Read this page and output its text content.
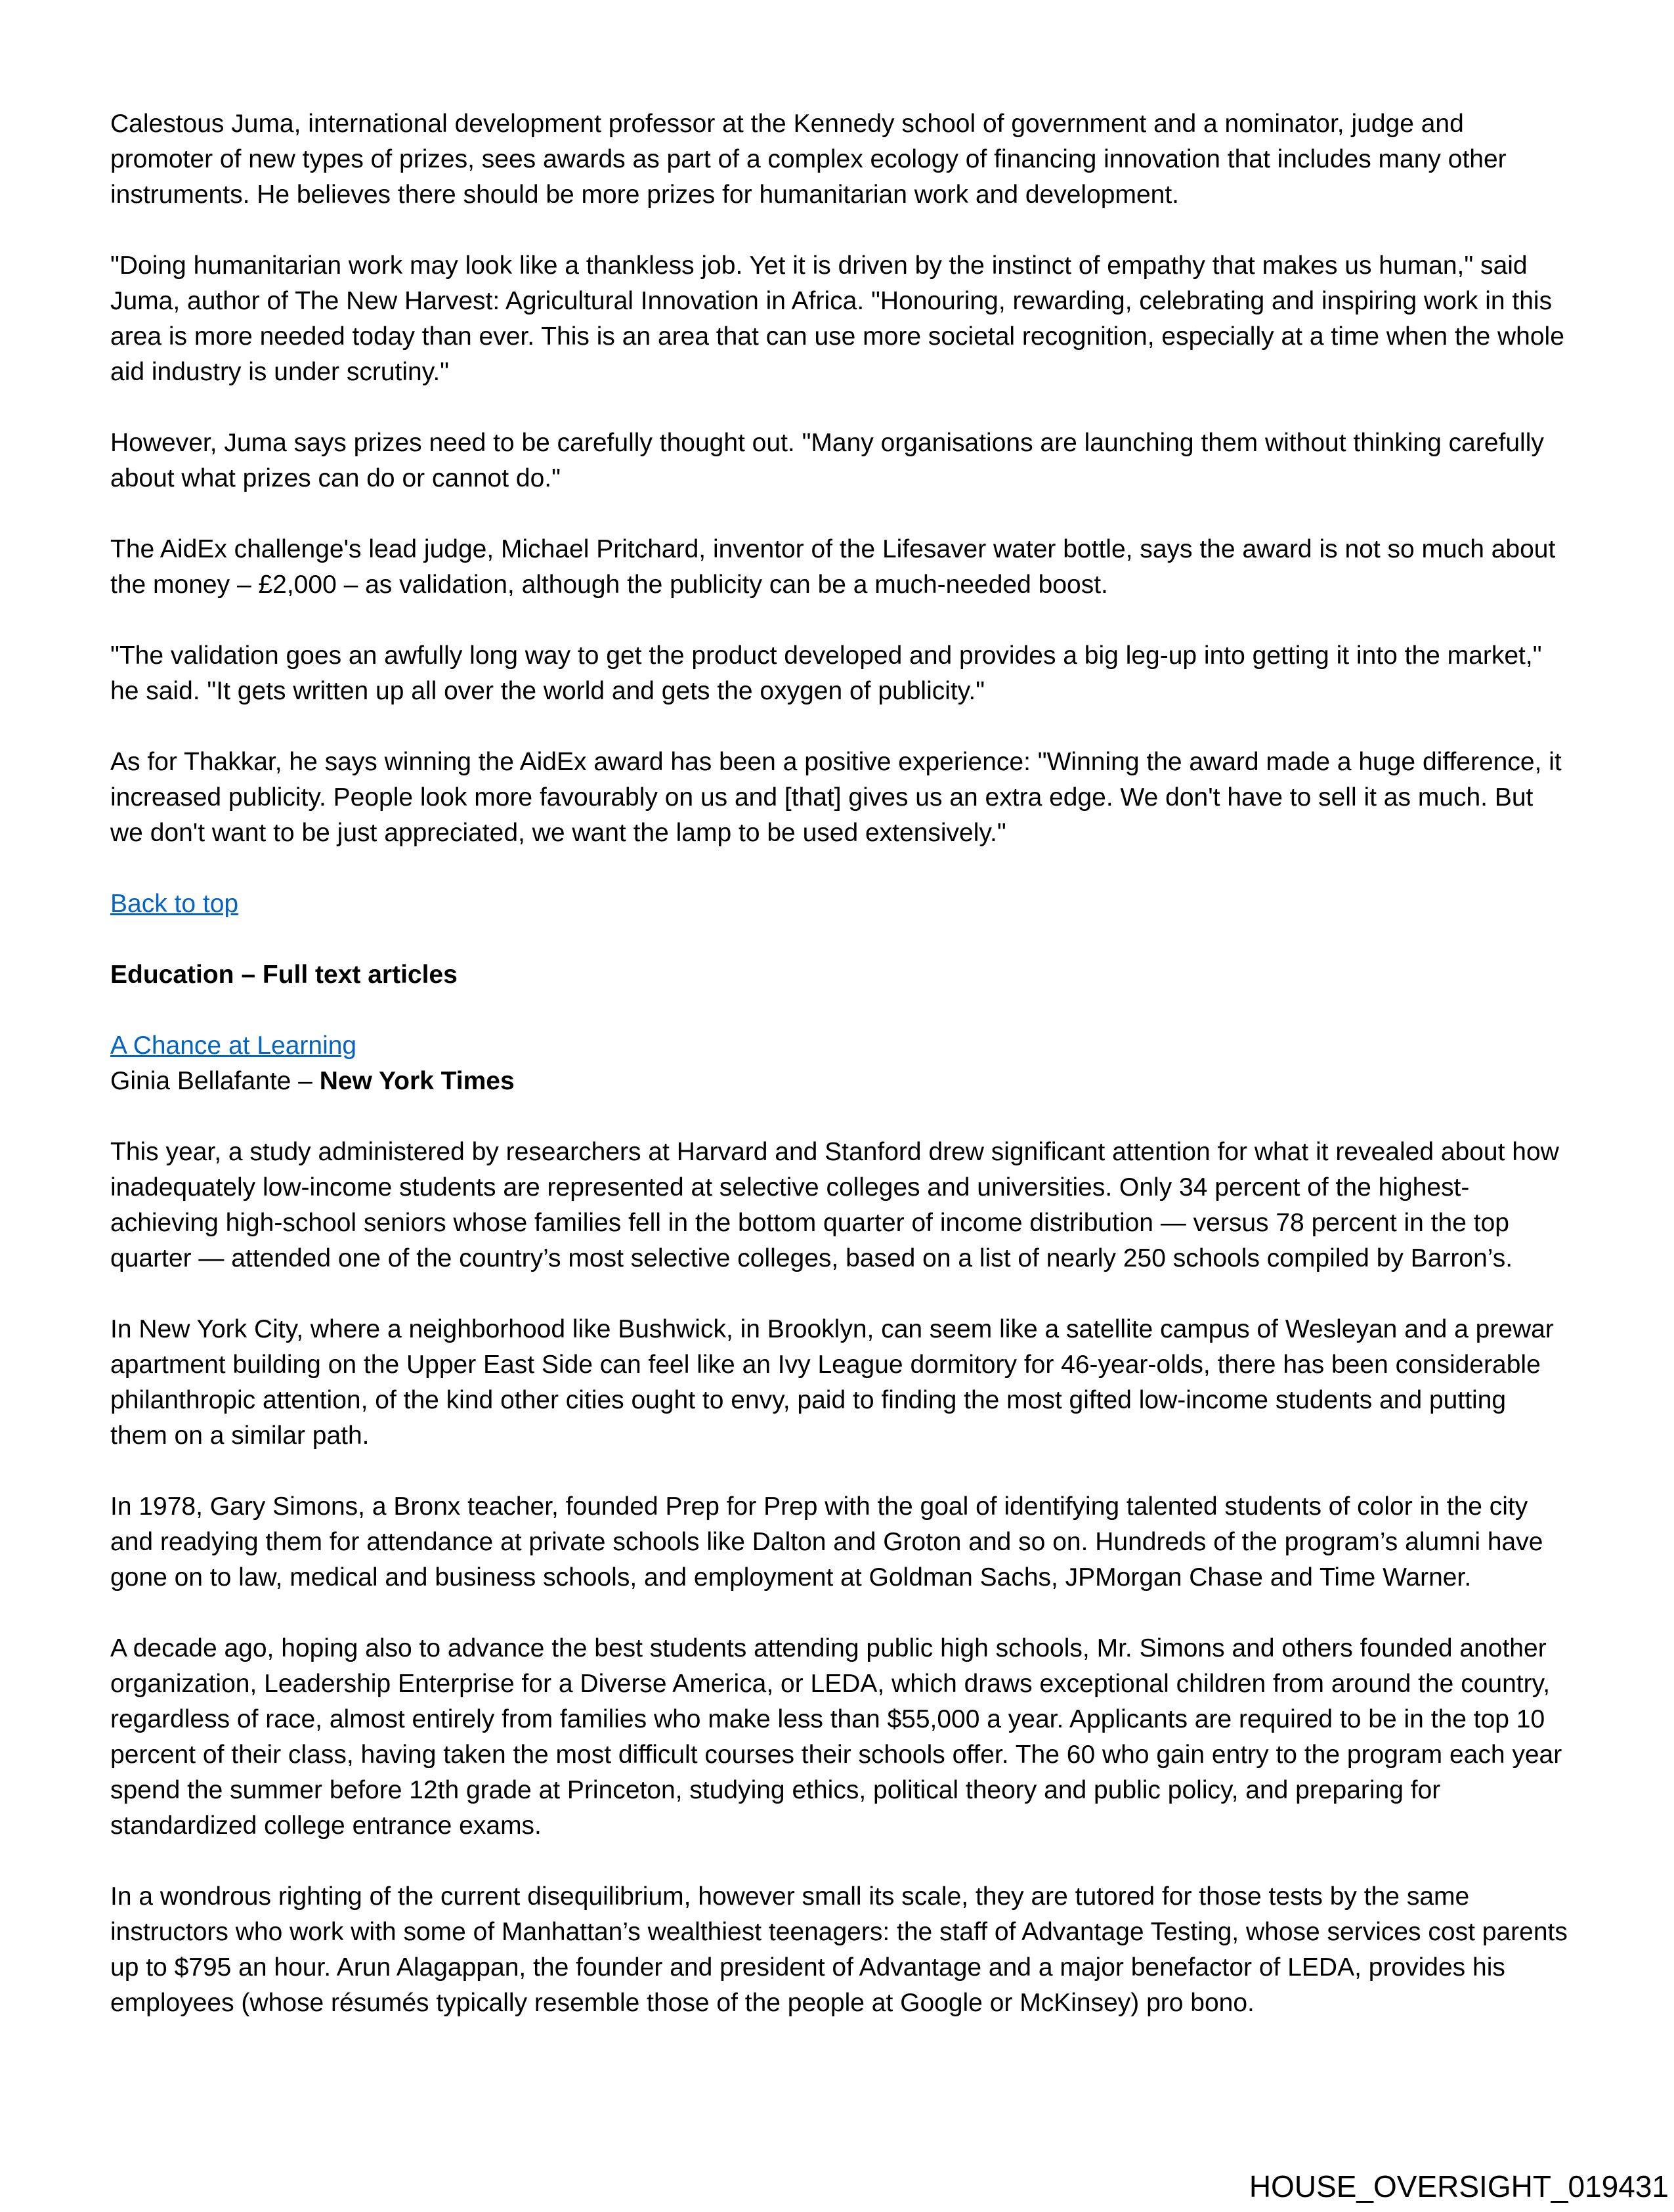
Calestous Juma, international development professor at the Kennedy school of government and a nominator, judge and promoter of new types of prizes, sees awards as part of a complex ecology of financing innovation that includes many other instruments. He believes there should be more prizes for humanitarian work and development.

"Doing humanitarian work may look like a thankless job. Yet it is driven by the instinct of empathy that makes us human," said Juma, author of The New Harvest: Agricultural Innovation in Africa. "Honouring, rewarding, celebrating and inspiring work in this area is more needed today than ever. This is an area that can use more societal recognition, especially at a time when the whole aid industry is under scrutiny."

However, Juma says prizes need to be carefully thought out. "Many organisations are launching them without thinking carefully about what prizes can do or cannot do."

The AidEx challenge's lead judge, Michael Pritchard, inventor of the Lifesaver water bottle, says the award is not so much about the money – £2,000 – as validation, although the publicity can be a much-needed boost.

"The validation goes an awfully long way to get the product developed and provides a big leg-up into getting it into the market," he said. "It gets written up all over the world and gets the oxygen of publicity."

As for Thakkar, he says winning the AidEx award has been a positive experience: "Winning the award made a huge difference, it increased publicity. People look more favourably on us and [that] gives us an extra edge. We don't have to sell it as much. But we don't want to be just appreciated, we want the lamp to be used extensively."

Back to top

Education – Full text articles
A Chance at Learning
Ginia Bellafante – New York Times

This year, a study administered by researchers at Harvard and Stanford drew significant attention for what it revealed about how inadequately low-income students are represented at selective colleges and universities. Only 34 percent of the highest-achieving high-school seniors whose families fell in the bottom quarter of income distribution — versus 78 percent in the top quarter — attended one of the country’s most selective colleges, based on a list of nearly 250 schools compiled by Barron’s.

In New York City, where a neighborhood like Bushwick, in Brooklyn, can seem like a satellite campus of Wesleyan and a prewar apartment building on the Upper East Side can feel like an Ivy League dormitory for 46-year-olds, there has been considerable philanthropic attention, of the kind other cities ought to envy, paid to finding the most gifted low-income students and putting them on a similar path.

In 1978, Gary Simons, a Bronx teacher, founded Prep for Prep with the goal of identifying talented students of color in the city and readying them for attendance at private schools like Dalton and Groton and so on. Hundreds of the program’s alumni have gone on to law, medical and business schools, and employment at Goldman Sachs, JPMorgan Chase and Time Warner.

A decade ago, hoping also to advance the best students attending public high schools, Mr. Simons and others founded another organization, Leadership Enterprise for a Diverse America, or LEDA, which draws exceptional children from around the country, regardless of race, almost entirely from families who make less than $55,000 a year. Applicants are required to be in the top 10 percent of their class, having taken the most difficult courses their schools offer. The 60 who gain entry to the program each year spend the summer before 12th grade at Princeton, studying ethics, political theory and public policy, and preparing for standardized college entrance exams.

In a wondrous righting of the current disequilibrium, however small its scale, they are tutored for those tests by the same instructors who work with some of Manhattan’s wealthiest teenagers: the staff of Advantage Testing, whose services cost parents up to $795 an hour. Arun Alagappan, the founder and president of Advantage and a major benefactor of LEDA, provides his employees (whose résumés typically resemble those of the people at Google or McKinsey) pro bono.

HOUSE_OVERSIGHT_019431
